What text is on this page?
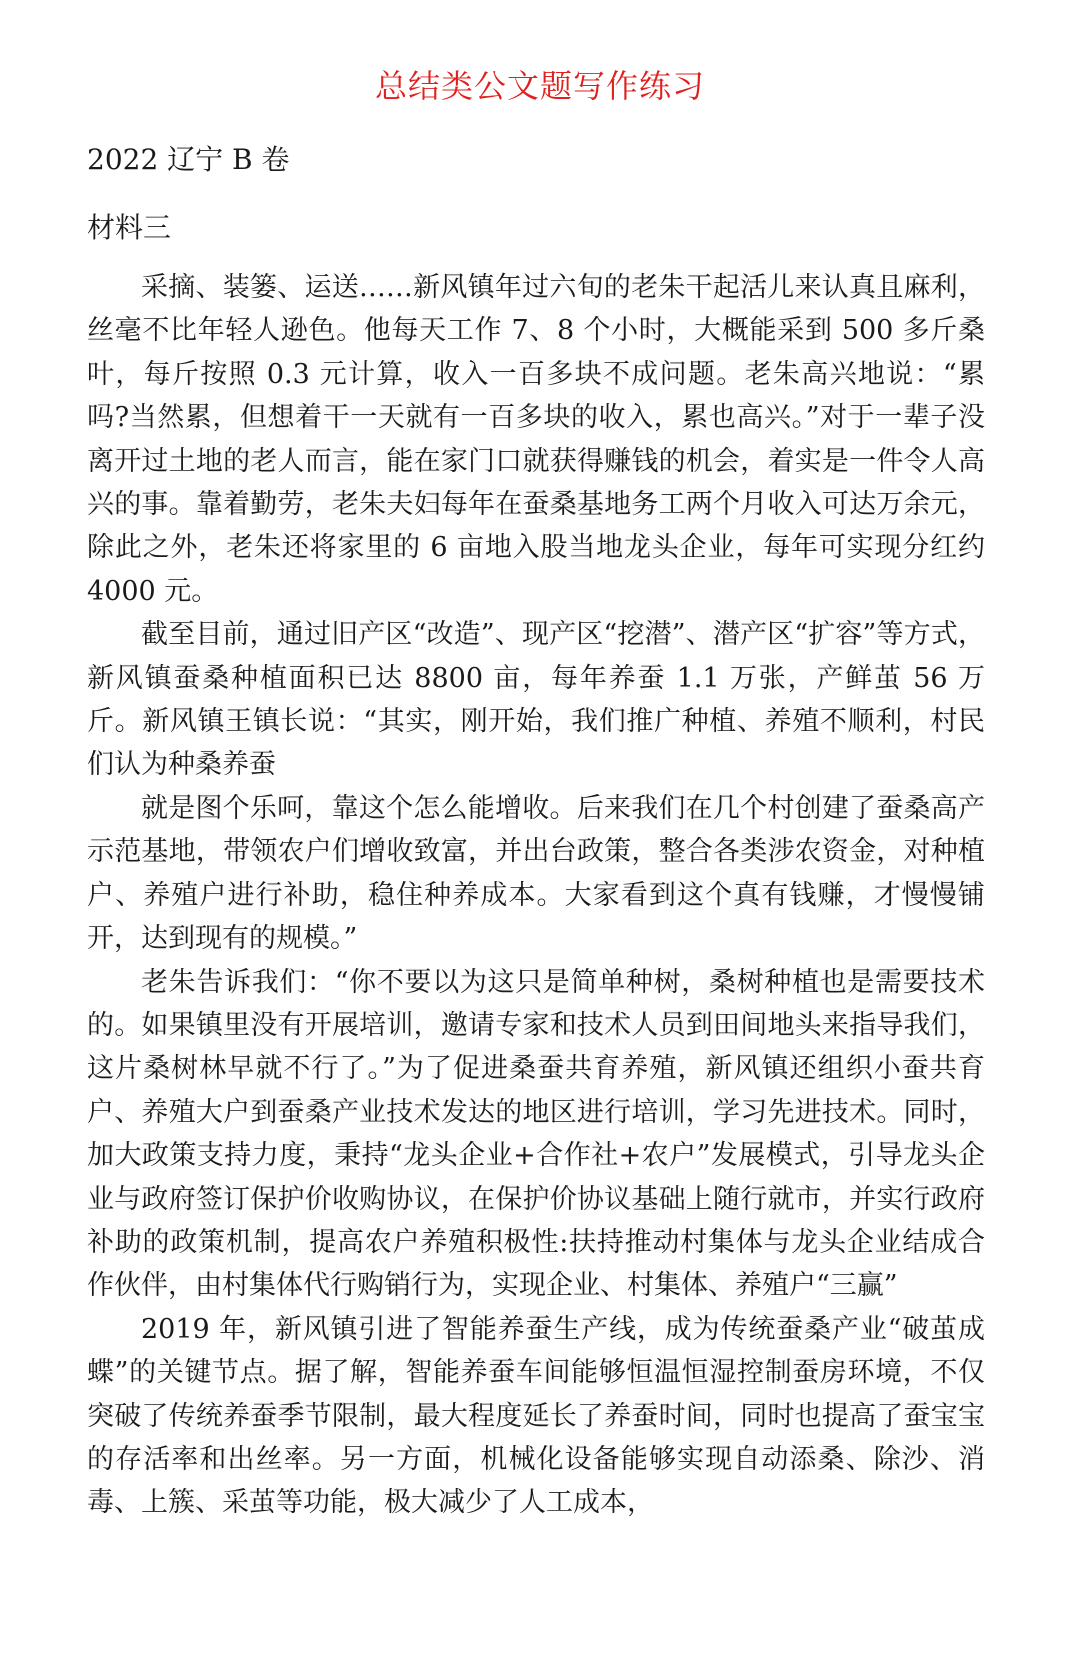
总结类公文题写作练习
2022 辽宁 B 卷
材料三

采摘、装篓、运送……新风镇年过六旬的老朱干起活儿来认真且麻利，丝毫不比年轻人逊色。他每天工作 7、8 个小时，大概能采到 500 多斤桑叶，每斤按照 0.3 元计算，收入一百多块不成问题。老朱高兴地说：“累吗?当然累，但想着干一天就有一百多块的收入，累也高兴。”对于一辈子没离开过土地的老人而言，能在家门口就获得赚钱的机会，着实是一件令人高兴的事。靠着勤劳，老朱夫妇每年在蚕桑基地务工两个月收入可达万余元，除此之外，老朱还将家里的 6 亩地入股当地龙头企业，每年可实现分红约 4000 元。

截至目前，通过旧产区“改造”、现产区“挖潜”、潜产区“扩容”等方式，新风镇蚕桑种植面积已达 8800 亩，每年养蚕 1.1 万张，产鲜茧 56 万斤。新风镇王镇长说：“其实，刚开始，我们推广种植、养殖不顺利，村民们认为种桑养蚕

就是图个乐呵，靠这个怎么能增收。后来我们在几个村创建了蚕桑高产示范基地，带领农户们增收致富，并出台政策，整合各类涉农资金，对种植户、养殖户进行补助，稳住种养成本。大家看到这个真有钱赚，才慢慢铺开，达到现有的规模。”

老朱告诉我们：“你不要以为这只是简单种树，桑树种植也是需要技术的。如果镇里没有开展培训，邀请专家和技术人员到田间地头来指导我们，这片桑树林早就不行了。”为了促进桑蚕共育养殖，新风镇还组织小蚕共育户、养殖大户到蚕桑产业技术发达的地区进行培训，学习先进技术。同时，加大政策支持力度，秉持“龙头企业+合作社+农户”发展模式，引导龙头企业与政府签订保护价收购协议，在保护价协议基础上随行就市，并实行政府补助的政策机制，提高农户养殖积极性:扶持推动村集体与龙头企业结成合作伙伴，由村集体代行购销行为，实现企业、村集体、养殖户“三赢”

2019 年，新风镇引进了智能养蚕生产线，成为传统蚕桑产业“破茧成蝶”的关键节点。据了解，智能养蚕车间能够恒温恒湿控制蚕房环境，不仅突破了传统养蚕季节限制，最大程度延长了养蚕时间，同时也提高了蚕宝宝的存活率和出丝率。另一方面，机械化设备能够实现自动添桑、除沙、消毒、上簇、采茧等功能，极大减少了人工成本，
